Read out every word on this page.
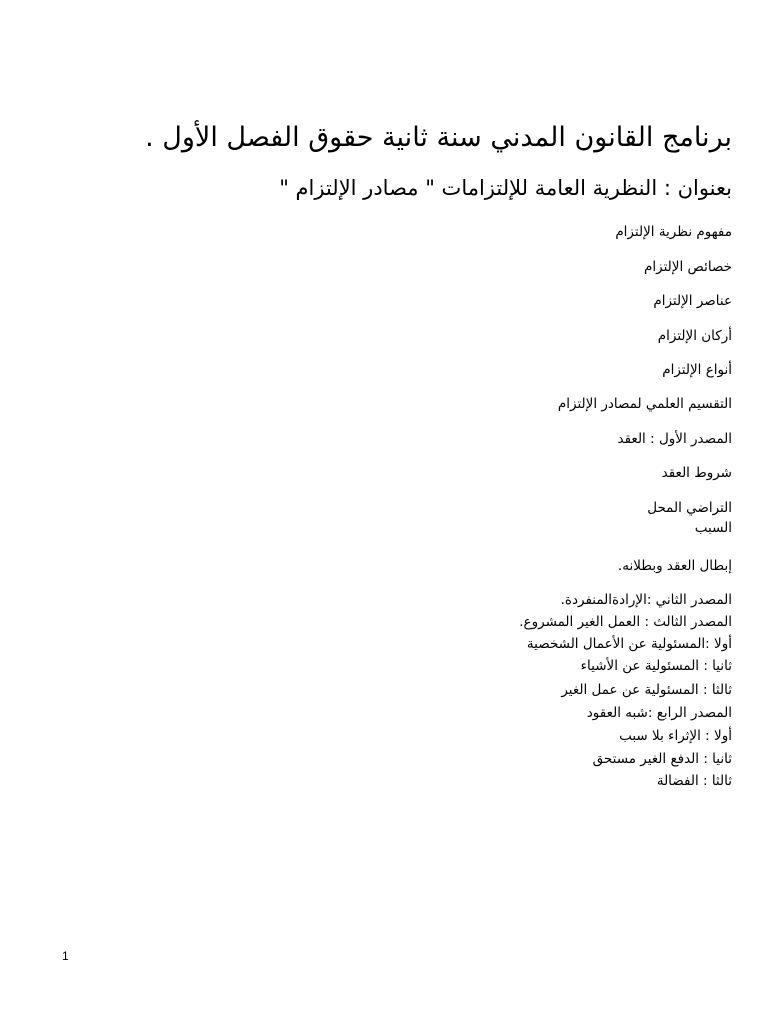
برنامج القانون المدني سنة ثانية حقوق الفصل الأول .
بعنوان : النظرية العامة للإلتزامات " مصادر الإلتزام "
مفهوم نظرية الإلتزام
خصائص الإلتزام
عناصر الإلتزام
أركان الإلتزام
أنواع الإلتزام
التقسيم العلمي لمصادر الإلتزام
المصدر الأول : العقد
شروط العقد
التراضي المحل
السبب
إبطال العقد وبطلانه.
المصدر الثاني :الإرادةالمنفردة.
المصدر الثالث : العمل الغير المشروع.
أولا :المسئولية عن الأعمال الشخصية
ثانيا : المسئولية عن الأشياء
ثالثا : المسئولية عن عمل الغير
المصدر الرابع :شبه العقود
أولا : الإثراء بلا سبب
ثانيا : الدفع الغير مستحق
ثالثا : الفضالة
1
